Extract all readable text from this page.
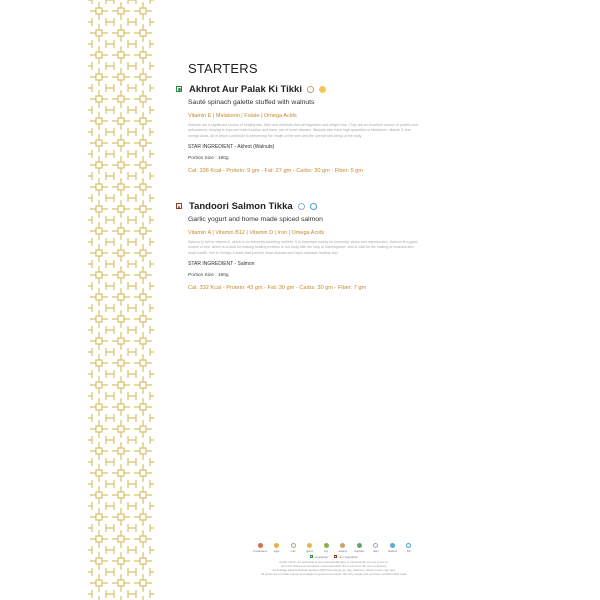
STARTERS
Akhrot Aur Palak Ki Tikki
Sauté spinach galette stuffed with walnuts
Vitamin E | Melatonin | Folate | Omega Acids
Walnuts are a significant source of healthy fats, fiber and minerals that aid digestion and weight loss. They are an excellent source of protein and antioxidants, helping to improve brain function and lower risk of heart disease. Walnuts also have high quantities of Melatonin, vitamin E and omega acids, all of which contribute to preserving the health of the skin and the overall well-being of the body.
STAR INGREDIENT - Akhrot (Walnuts)
Portion Size : 180g
Cal: 336 Kcal - Protein: 9 gm - Fat: 27 gm - Carbs: 30 gm - Fiber: 5 gm
Tandoori Salmon Tikka
Garlic yogurt and home made spiced salmon
Vitamin A | Vitamin B12 | Vitamin D | Iron | Omega Acids
Salmon is rich in vitamin A, which is an immunity-boosting nutrient, & is important mainly for immunity, vision and reproduction. Salmon is a good source of iron, which is crucial for making healthy proteins in our body with the help of haemoglobin, and is vital for the making of muscles and heart health, rich in Omega-3 acids that prevent heart disease and helps maintain healthy skin.
STAR INGREDIENT - Salmon
Portion Size : 180g
Cal: 332 Kcal - Protein: 43 gm - Fat: 30 gm - Carbs: 30 gm - Fiber: 7 gm
crustaceans	eggs	nuts	gluten	soy	sesame	sulphites	dairy	seafood	fish
Vegetarian	Non Vegetarian
Kindly inform our associate of any potential allergies or intolerances you are prone to.
All of the listed food should be consumed within the hours from the time of delivery.
An average adult individual requires 2000 kcal energy per day, however, calorie needs may vary.
All prices are in Indian rupees and subject to government taxes. We only supply and consume certified Halal meat.
